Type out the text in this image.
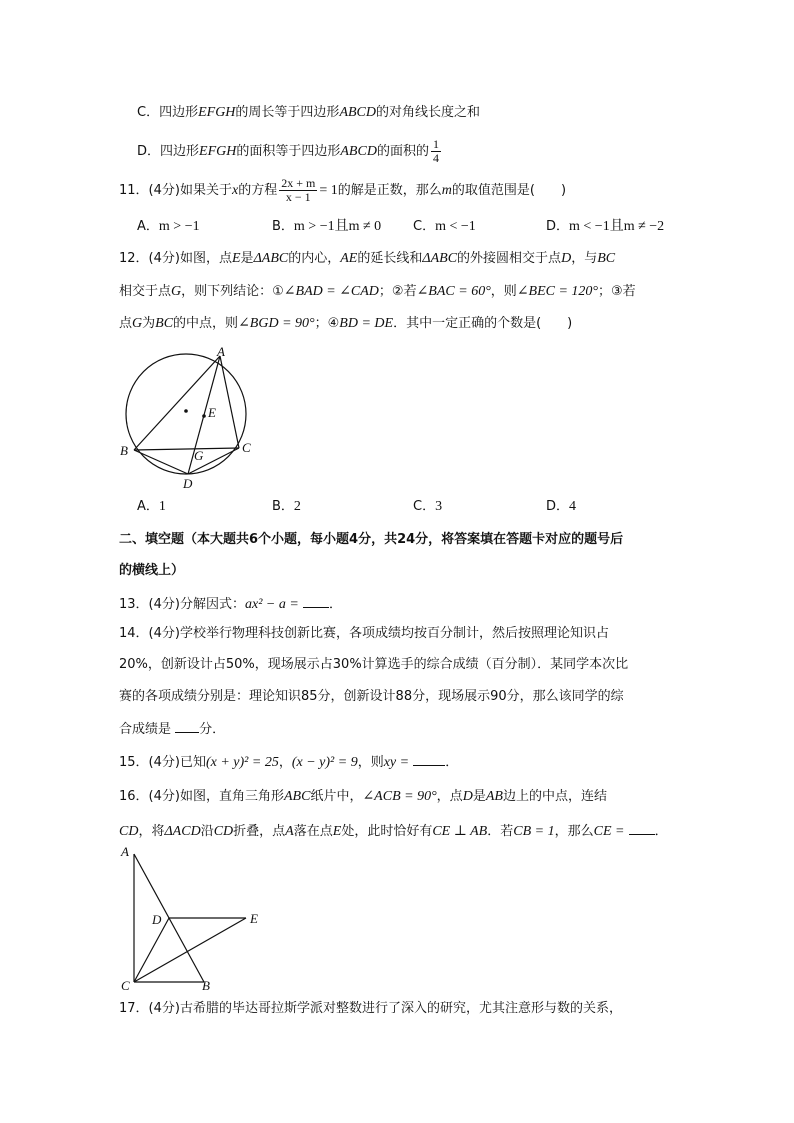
C．四边形EFGH的周长等于四边形ABCD的对角线长度之和
D．四边形EFGH的面积等于四边形ABCD的面积的 $\frac{1}{4}$
11．(4分)如果关于x的方程 $\frac{2x + m}{x - 1} = 1$的解是正数，那么m的取值范围是(　　)
A．m > −1	B．m > −1且m ≠ 0 C．m < −1	D．m < −1且m ≠ −2
12．(4分)如图，点E是ΔABC的内心，AE的延长线和ΔABC的外接圆相交于点D，与BC
相交于点G，则下列结论：①∠BAD = ∠CAD；②若∠BAC = 60°，则∠BEC = 120°；③若
点G为BC的中点，则∠BGD = 90°；④BD = DE．其中一定正确的个数是(　　)
A
E
B	C
G
D
A．1	B．2	C．3	D．4
二、填空题（本大题共6个小题，每小题4分，共24分，将答案填在答题卡对应的题号后
的横线上）
13．(4分)分解因式：ax² − a = ．
14．(4分)学校举行物理科技创新比赛，各项成绩均按百分制计，然后按照理论知识占
20%，创新设计占50%，现场展示占30%计算选手的综合成绩（百分制）．某同学本次比
赛的各项成绩分别是：理论知识85分，创新设计88分，现场展示90分，那么该同学的综
合成绩是 分．
15．(4分)已知(x + y)² = 25，(x − y)² = 9，则xy =	．
16．(4分)如图，直角三角形ABC纸片中，∠ACB = 90°，点D是AB边上的中点，连结
CD，将ΔACD沿CD折叠，点A落在点E处，此时恰好有CE ⊥ AB．若CB = 1，那么CE = ．
A
D	E
C	B
17．(4分)古希腊的毕达哥拉斯学派对整数进行了深入的研究，尤其注意形与数的关系，
